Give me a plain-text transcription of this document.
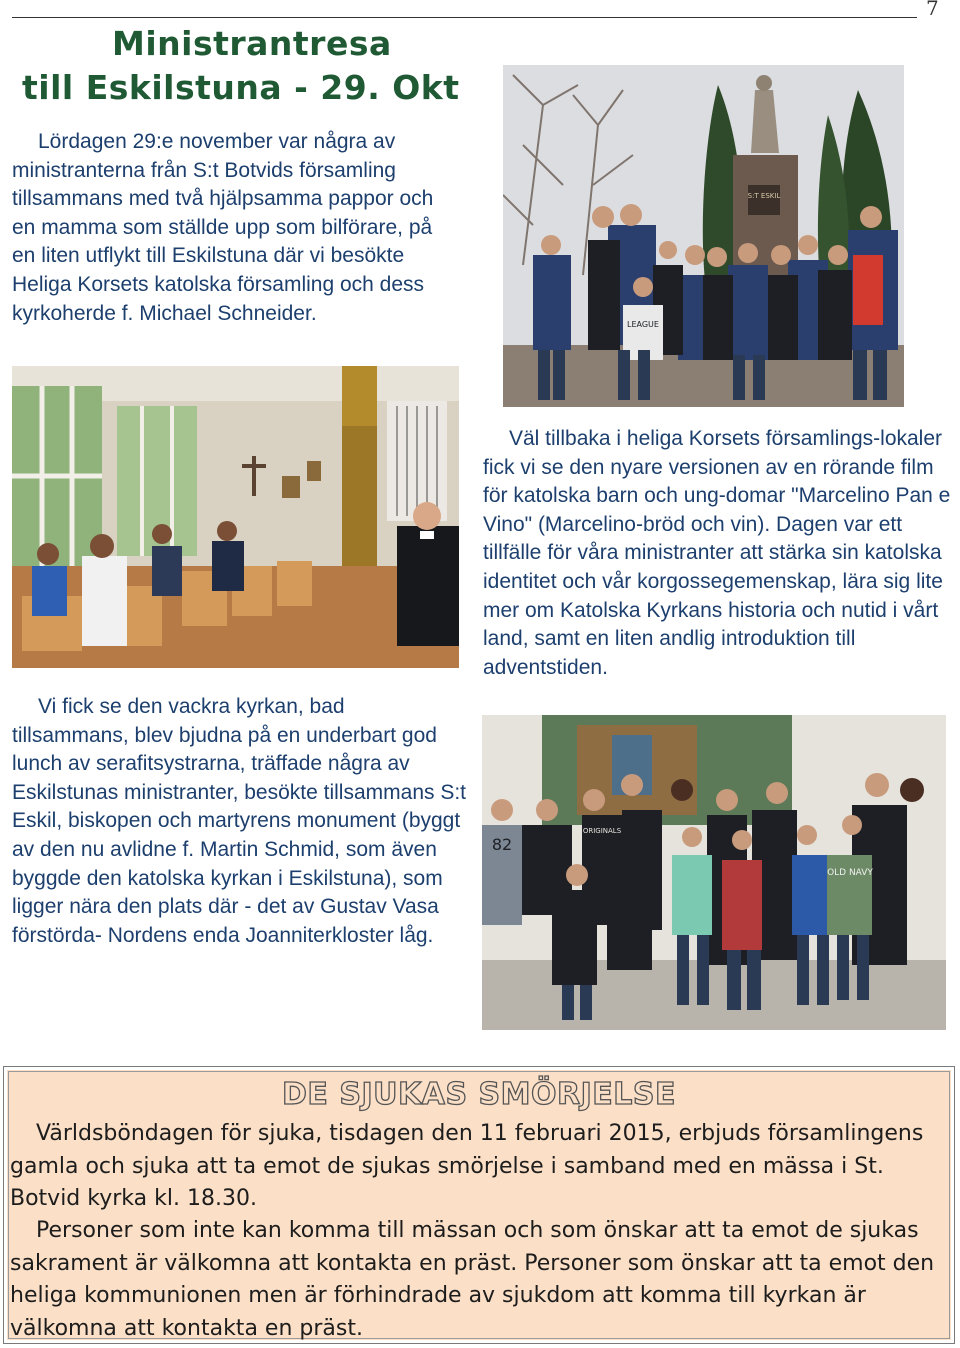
7
Ministrantresa
till Eskilstuna - 29. Okt

Lördagen 29:e november var några av ministranterna från S:t Botvids församling tillsammans med två hjälpsamma pappor och en mamma som ställde upp som bilförare, på en liten utflykt till Eskilstuna där vi besökte Heliga Korsets katolska församling och dess kyrkoherde f. Michael Schneider.

S:T ESKIL
LEAGUE

Vi fick se den vackra kyrkan, bad tillsammans, blev bjudna på en underbart god lunch av serafitsystrarna, träffade några av Eskilstunas ministranter, besökte tillsammans S:t Eskil, biskopen och martyrens monument (byggt av den nu avlidne f. Martin Schmid, som även byggde den katolska kyrkan i Eskilstuna), som ligger nära den plats där - det av Gustav Vasa förstörda- Nordens enda Joanniterkloster låg.

Väl tillbaka i heliga Korsets församlings-lokaler fick vi se den nyare versionen av en rörande film för katolska barn och ung-domar "Marcelino Pan e Vino" (Marcelino-bröd och vin). Dagen var ett tillfälle för våra ministranter att stärka sin katolska identitet och vår korgossegemenskap, lära sig lite mer om Katolska Kyrkans historia och nutid i vårt land, samt en liten andlig introduktion till adventstiden.

82
ORIGINALS
OLD NAVY
DE SJUKAS SMÖRJELSE

Världsböndagen för sjuka, tisdagen den 11 februari 2015, erbjuds församlingens gamla och sjuka att ta emot de sjukas smörjelse i samband med en mässa i St. Botvid kyrka kl. 18.30.

Personer som inte kan komma till mässan och som önskar att ta emot de sjukas sakrament är välkomna att kontakta en präst. Personer som önskar att ta emot den heliga kommunionen men är förhindrade av sjukdom att komma till kyrkan är välkomna att kontakta en präst.
